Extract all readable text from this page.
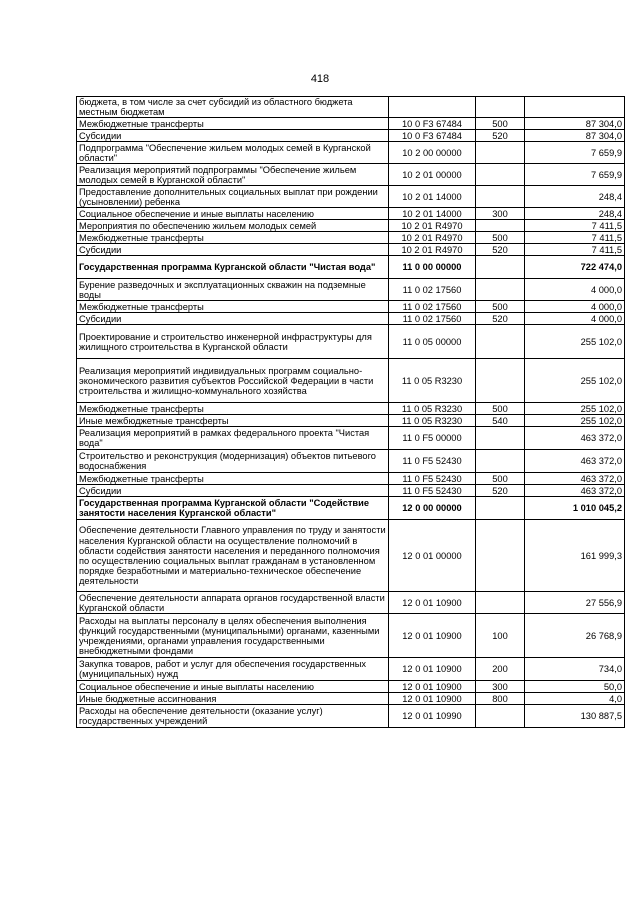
418
бюджета, в том числе за счет субсидий из областного бюджета местным бюджетам			
Межбюджетные трансферты	10 0 F3 67484	500	87 304,0
Субсидии	10 0 F3 67484	520	87 304,0
Подпрограмма "Обеспечение жильем молодых семей в Курганской области"	10 2 00 00000		7 659,9
Реализация мероприятий подпрограммы "Обеспечение жильем молодых семей в Курганской области"	10 2 01 00000		7 659,9
Предоставление дополнительных социальных выплат при рождении (усыновлении) ребенка	10 2 01 14000		248,4
Социальное обеспечение и иные выплаты населению	10 2 01 14000	300	248,4
Мероприятия по обеспечению жильем молодых семей	10 2 01 R4970		7 411,5
Межбюджетные трансферты	10 2 01 R4970	500	7 411,5
Субсидии	10 2 01 R4970	520	7 411,5
Государственная программа Курганской области "Чистая вода"	11 0 00 00000		722 474,0
Бурение разведочных и эксплуатационных скважин на подземные воды	11 0 02 17560		4 000,0
Межбюджетные трансферты	11 0 02 17560	500	4 000,0
Субсидии	11 0 02 17560	520	4 000,0
Проектирование и строительство инженерной инфраструктуры для жилищного строительства в Курганской области	11 0 05 00000		255 102,0
Реализация мероприятий индивидуальных программ социально-экономического развития субъектов Российской Федерации в части строительства и жилищно-коммунального хозяйства	11 0 05 R3230		255 102,0
Межбюджетные трансферты	11 0 05 R3230	500	255 102,0
Иные межбюджетные трансферты	11 0 05 R3230	540	255 102,0
Реализация мероприятий в рамках федерального проекта "Чистая вода"	11 0 F5 00000		463 372,0
Строительство и реконструкция (модернизация) объектов питьевого водоснабжения	11 0 F5 52430		463 372,0
Межбюджетные трансферты	11 0 F5 52430	500	463 372,0
Субсидии	11 0 F5 52430	520	463 372,0
Государственная программа Курганской области "Содействие занятости населения Курганской области"	12 0 00 00000		1 010 045,2
Обеспечение деятельности Главного управления по труду и занятости населения Курганской области на осуществление полномочий в области содействия занятости населения и переданного полномочия по осуществлению социальных выплат гражданам в установленном порядке безработными и материально-техническое обеспечение деятельности	12 0 01 00000		161 999,3
Обеспечение деятельности аппарата органов государственной власти Курганской области	12 0 01 10900		27 556,9
Расходы на выплаты персоналу в целях обеспечения выполнения функций государственными (муниципальными) органами, казенными учреждениями, органами управления государственными внебюджетными фондами	12 0 01 10900	100	26 768,9
Закупка товаров, работ и услуг для обеспечения государственных (муниципальных) нужд	12 0 01 10900	200	734,0
Социальное обеспечение и иные выплаты населению	12 0 01 10900	300	50,0
Иные бюджетные ассигнования	12 0 01 10900	800	4,0
Расходы на обеспечение деятельности (оказание услуг) государственных учреждений	12 0 01 10990		130 887,5
